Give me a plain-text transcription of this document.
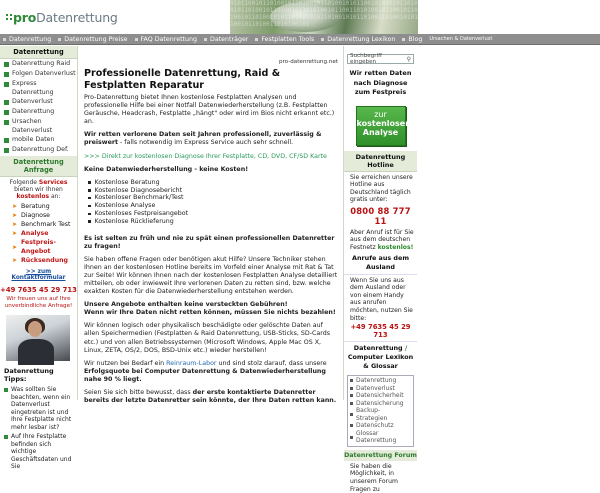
proDatenrettung
0101100101101001011010010110100101011001010101011010010110100101101001011010100101100110101001011001011010010110100101011010010101101001010110100110100101011001011010011010100101
Datenrettung Datenrettung Preise FAQ Datenrettung Datenträger Festplatten Tools Datenrettung Lexikon Blog Ursachen & Datenverlust
Datenrettung
Datenrettung Raid
Folgen Datenverlust
Express
Datenrettung
Datenverlust
Datenrettung
Ursachen
Datenverlust
mobile Daten
Datenrettung Def.
Datenrettung Anfrage
Folgende Services bieten wir Ihnen kostenlos an:
➤ Beratung
➤ Diagnose
➤ Benchmark Test
➤ Analyse
➤
Festpreis-Angebot
➤ Rücksendung
>> zum Kontaktformular
+49 7635 45 29 713
Wir freuen uns auf Ihre
unverbindliche Anfrage!
Datenrettung Tipps:
Was sollten Sie beachten, wenn ein Datenverlust eingetreten ist und Ihre Festplatte nicht mehr lesbar ist?
Auf Ihre Festplatte befinden sich wichtige Geschäftsdaten und Sie
pro-datenrettung.net
Professionelle Datenrettung, Raid & Festplatten Reparatur

Pro-Datenrettung bietet Ihnen kostenlose Festplatten Analysen und professionelle Hilfe bei einer Notfall Datenwiederherstellung (z.B. Festplatten Geräusche, Headcrash, Festplatte „hängt" oder wird im Bios nicht erkannt etc.) an.

Wir retten verlorene Daten seit Jahren professionell, zuverlässig & preiswert - falls notwendig im Express Service auch sehr schnell.

>>> Direkt zur kostenlosen Diagnose Ihrer Festplatte, CD, DVD, CF/SD Karte

Keine Datenwiederherstellung - keine Kosten!

Kostenlose Beratung
Kostenlose Diagnosebericht
Kostenloser Benchmark/Test
Kostenlose Analyse
Kostenloses Festpreisangebot
Kostenlose Rücklieferung

Es ist selten zu früh und nie zu spät einen professionellen Datenretter zu fragen!

Sie haben offene Fragen oder benötigen akut Hilfe? Unsere Techniker stehen Ihnen an der kostenlosen Hotline bereits im Vorfeld einer Analyse mit Rat & Tat zur Seite! Wir können Ihnen nach der kostenlosen Festplatten Analyse detailliert mitteilen, ob oder inwieweit Ihre verlorenen Daten zu retten sind, bzw. welche exakten Kosten für die Datenwiederherstellung entstehen werden.

Unsere Angebote enthalten keine versteckten Gebühren!
Wenn wir Ihre Daten nicht retten können, müssen Sie nichts bezahlen!

Wir können logisch oder physikalisch beschädigte oder gelöschte Daten auf allen Speichermedien (Festplatten & Raid Datenrettung, USB-Sticks, SD-Cards etc.) und von allen Betriebssystemen (Microsoft Windows, Apple Mac OS X, Linux, ZETA, OS/2, DOS, BSD-Unix etc.) wieder herstellen!

Wir nutzen bei Bedarf ein Reinraum-Labor und sind stolz darauf, dass unsere Erfolgsquote bei Computer Datenrettung & Datenwiederherstellung nahe 90 % liegt.

Seien Sie sich bitte bewusst, dass der erste kontaktierte Datenretter bereits der letzte Datenretter sein könnte, der Ihre Daten retten kann.

Suchbegriff eingeben	⚲
Wir retten Daten nach Diagnose zum Festpreis
zur
kostenlosen
Analyse
Datenrettung Hotline
Sie erreichen unsere Hotline aus Deutschland täglich gratis unter:
0800 88 777 11
Aber Anruf ist für Sie aus dem deutschen Festnetz kostenlos!
Anrufe aus dem Ausland
Wenn Sie uns aus dem Ausland oder von einem Handy aus anrufen möchten, nutzen Sie bitte:
+49 7635 45 29 713
Datenrettung / Computer Lexikon & Glossar
Datenrettung
Datenverlust
Datensicherheit
Datensicherung
Backup-Strategien
Datenschutz
Glossar Datenrettung
Datenrettung Forum
Sie haben die Möglichkeit, in unserem Forum Fragen zu
